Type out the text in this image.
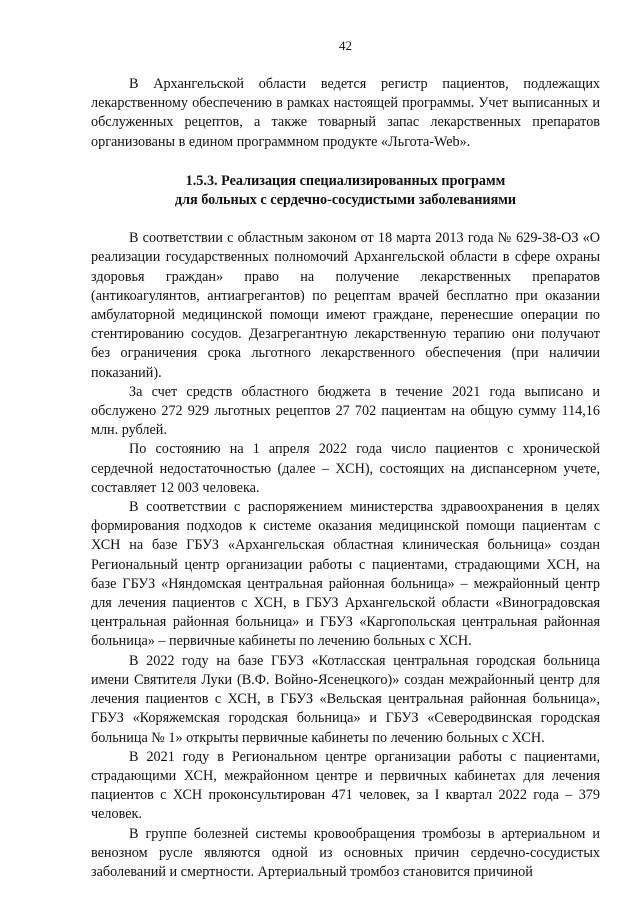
42

В Архангельской области ведется регистр пациентов, подлежащих лекарственному обеспечению в рамках настоящей программы. Учет выписанных и обслуженных рецептов, а также товарный запас лекарственных препаратов организованы в едином программном продукте «Льгота-Web».

1.5.3. Реализация специализированных программ
для больных с сердечно-сосудистыми заболеваниями

В соответствии с областным законом от 18 марта 2013 года № 629-38-ОЗ «О реализации государственных полномочий Архангельской области в сфере охраны здоровья граждан» право на получение лекарственных препаратов (антикоагулянтов, антиагрегантов) по рецептам врачей бесплатно при оказании амбулаторной медицинской помощи имеют граждане, перенесшие операции по стентированию сосудов. Дезагрегантную лекарственную терапию они получают без ограничения срока льготного лекарственного обеспечения (при наличии показаний).

За счет средств областного бюджета в течение 2021 года выписано и обслужено 272 929 льготных рецептов 27 702 пациентам на общую сумму 114,16 млн. рублей.

По состоянию на 1 апреля 2022 года число пациентов с хронической сердечной недостаточностью (далее – ХСН), состоящих на диспансерном учете, составляет 12 003 человека.

В соответствии с распоряжением министерства здравоохранения в целях формирования подходов к системе оказания медицинской помощи пациентам с ХСН на базе ГБУЗ «Архангельская областная клиническая больница» создан Региональный центр организации работы с пациентами, страдающими ХСН, на базе ГБУЗ «Няндомская центральная районная больница» – межрайонный центр для лечения пациентов с ХСН, в ГБУЗ Архангельской области «Виноградовская центральная районная больница» и ГБУЗ «Каргопольская центральная районная больница» – первичные кабинеты по лечению больных с ХСН.

В 2022 году на базе ГБУЗ «Котласская центральная городская больница имени Святителя Луки (В.Ф. Войно-Ясенецкого)» создан межрайонный центр для лечения пациентов с ХСН, в ГБУЗ «Вельская центральная районная больница», ГБУЗ «Коряжемская городская больница» и ГБУЗ «Северодвинская городская больница № 1» открыты первичные кабинеты по лечению больных с ХСН.

В 2021 году в Региональном центре организации работы с пациентами, страдающими ХСН, межрайонном центре и первичных кабинетах для лечения пациентов с ХСН проконсультирован 471 человек, за I квартал 2022 года – 379 человек.

В группе болезней системы кровообращения тромбозы в артериальном и венозном русле являются одной из основных причин сердечно-сосудистых заболеваний и смертности. Артериальный тромбоз становится причиной
